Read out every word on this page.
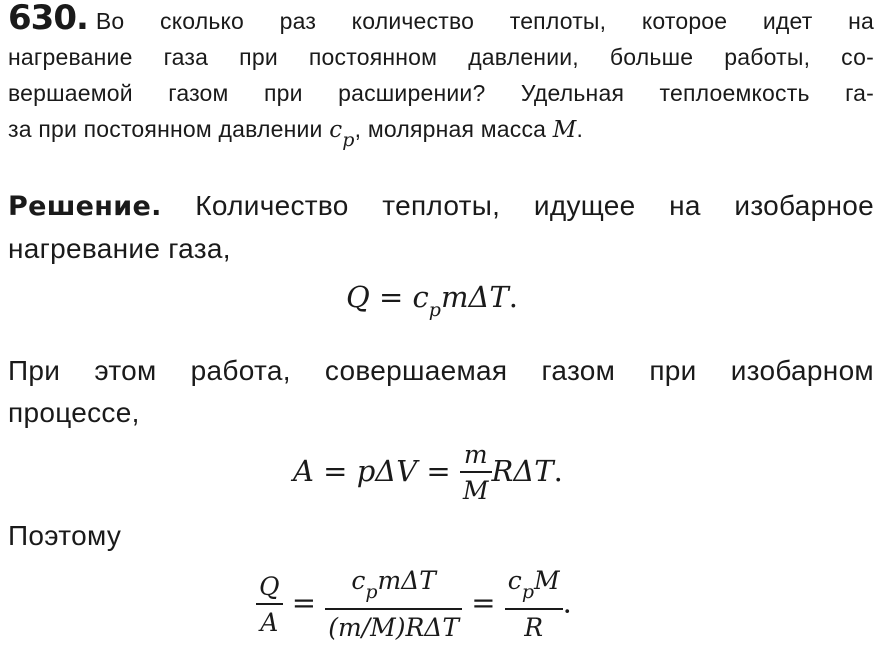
630. Во сколько раз количество теплоты, которое идет на
нагревание газа при постоянном давлении, больше работы, со-
вершаемой газом при расширении? Удельная теплоемкость га-
за при постоянном давлении $c_p$, молярная масса M.
Решение. Количество теплоты, идущее на изобарное
нагревание газа,
$Q = c_pm\Delta T$.
При этом работа, совершаемая газом при изобарном
процессе,
$A = p\Delta V = \frac{m}{M} R\Delta T$.
Поэтому
$\frac{Q}{A} = \frac{c_pm\Delta T}{\text{(m/M)RΔT}} = \frac{c_pM}{R}$ .
